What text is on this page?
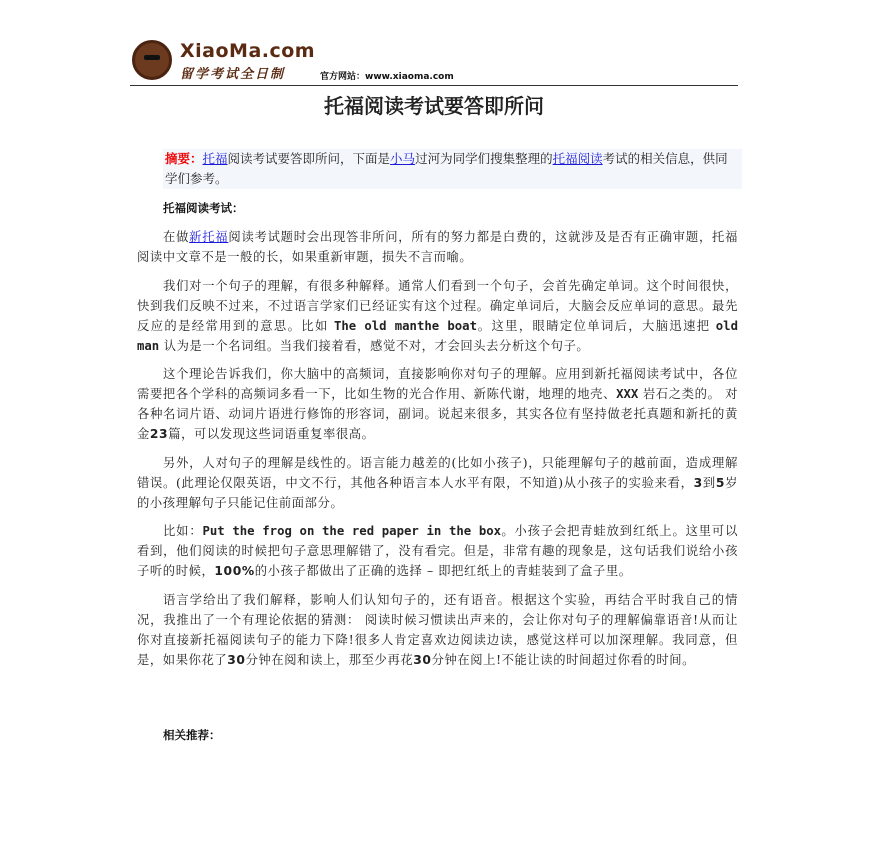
XiaoMa.com
留学考试全日制	官方网站：www.xiaoma.com
托福阅读考试要答即所问
摘要：托福阅读考试要答即所问，下面是小马过河为同学们搜集整理的托福阅读考试的相关信息，供同学们参考。
托福阅读考试：

在做新托福阅读考试题时会出现答非所问，所有的努力都是白费的，这就涉及是否有正确审题，托福阅读中文章不是一般的长，如果重新审题，损失不言而喻。

我们对一个句子的理解，有很多种解释。通常人们看到一个句子，会首先确定单词。这个时间很快，快到我们反映不过来，不过语言学家们已经证实有这个过程。确定单词后，大脑会反应单词的意思。最先反应的是经常用到的意思。比如 The old manthe boat。这里，眼睛定位单词后，大脑迅速把 old man 认为是一个名词组。当我们接着看，感觉不对，才会回头去分析这个句子。

这个理论告诉我们，你大脑中的高频词，直接影响你对句子的理解。应用到新托福阅读考试中，各位需要把各个学科的高频词多看一下，比如生物的光合作用、新陈代谢，地理的地壳、XXX 岩石之类的。 对各种名词片语、动词片语进行修饰的形容词，副词。说起来很多，其实各位有坚持做老托真题和新托的黄金23篇，可以发现这些词语重复率很高。

另外，人对句子的理解是线性的。语言能力越差的(比如小孩子)，只能理解句子的越前面，造成理解错误。(此理论仅限英语，中文不行，其他各种语言本人水平有限，不知道)从小孩子的实验来看，3到5岁的小孩理解句子只能记住前面部分。

比如：Put the frog on the red paper in the box。小孩子会把青蛙放到红纸上。这里可以看到，他们阅读的时候把句子意思理解错了，没有看完。但是，非常有趣的现象是，这句话我们说给小孩子听的时候，100%的小孩子都做出了正确的选择 – 即把红纸上的青蛙装到了盒子里。

语言学给出了我们解释，影响人们认知句子的，还有语音。根据这个实验，再结合平时我自己的情况，我推出了一个有理论依据的猜测： 阅读时候习惯读出声来的，会让你对句子的理解偏靠语音!从而让你对直接新托福阅读句子的能力下降!很多人肯定喜欢边阅读边读，感觉这样可以加深理解。我同意，但是，如果你花了30分钟在阅和读上，那至少再花30分钟在阅上!不能让读的时间超过你看的时间。

相关推荐：
